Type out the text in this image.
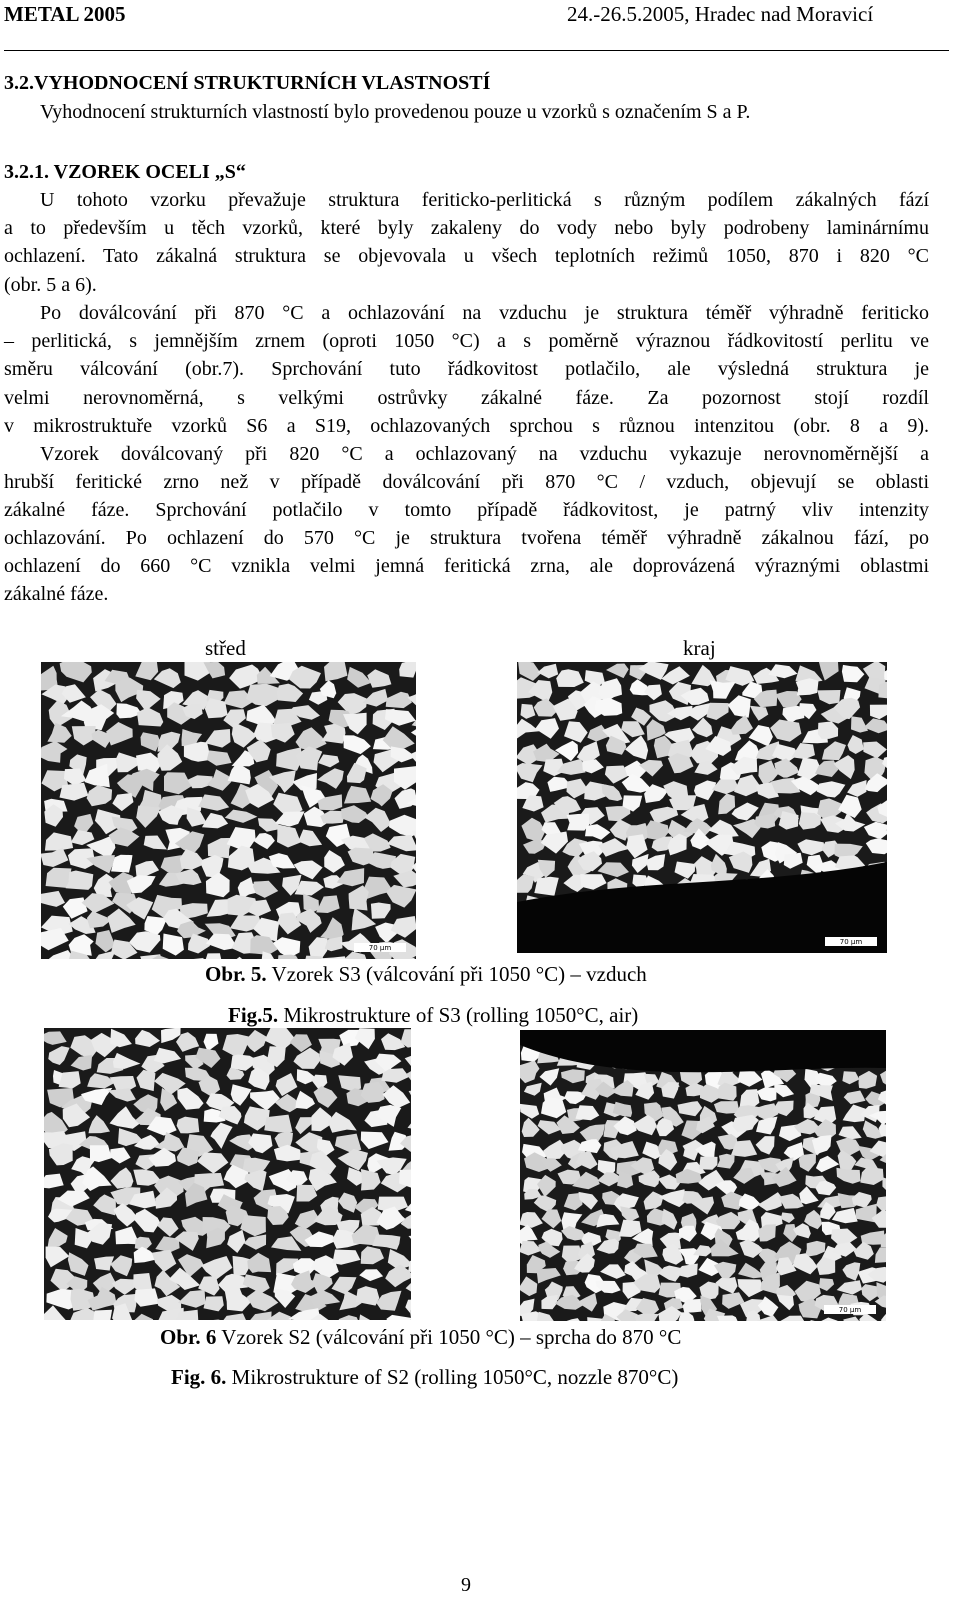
METAL 2005	24.-26.5.2005, Hradec nad Moravicí
3.2.VYHODNOCENÍ STRUKTURNÍCH VLASTNOSTÍ
Vyhodnocení strukturních vlastností bylo provedenou pouze u vzorků s označením S a P.
3.2.1. VZOREK OCELI „S“
U tohoto vzorku převažuje struktura feriticko-perlitická s různým podílem zákalných fází
a to především u těch vzorků, které byly zakaleny do vody nebo byly podrobeny laminárnímu
ochlazení. Tato zákalná struktura se objevovala u všech teplotních režimů 1050, 870 i 820 °C
(obr. 5 a 6).
Po doválcování při 870 °C a ochlazování na vzduchu je struktura téměř výhradně feriticko
– perlitická, s jemnějším zrnem (oproti 1050 °C) a s poměrně výraznou řádkovitostí perlitu ve
směru válcování (obr.7). Sprchování tuto řádkovitost potlačilo, ale výsledná struktura je
velmi nerovnoměrná, s velkými ostrůvky zákalné fáze. Za pozornost stojí rozdíl
v mikrostruktuře vzorků S6 a S19, ochlazovaných sprchou s různou intenzitou (obr. 8 a 9).
Vzorek doválcovaný při 820 °C a ochlazovaný na vzduchu vykazuje nerovnoměrnější a
hrubší feritické zrno než v případě doválcování při 870 °C / vzduch, objevují se oblasti
zákalné fáze. Sprchování potlačilo v tomto případě řádkovitost, je patrný vliv intenzity
ochlazování. Po ochlazení do 570 °C je struktura tvořena téměř výhradně zákalnou fází, po
ochlazení do 660 °C vznikla velmi jemná feritická zrna, ale doprovázená výraznými oblastmi
zákalné fáze.
střed	kraj
70 µm
70 µm
Obr. 5. Vzorek S3 (válcování při 1050 °C) – vzduch
Fig.5. Mikrostrukture of S3 (rolling 1050°C, air)
70 µm
Obr. 6 Vzorek S2 (válcování při 1050 °C) – sprcha do 870 °C
Fig. 6. Mikrostrukture of S2 (rolling 1050°C, nozzle 870°C)
9
